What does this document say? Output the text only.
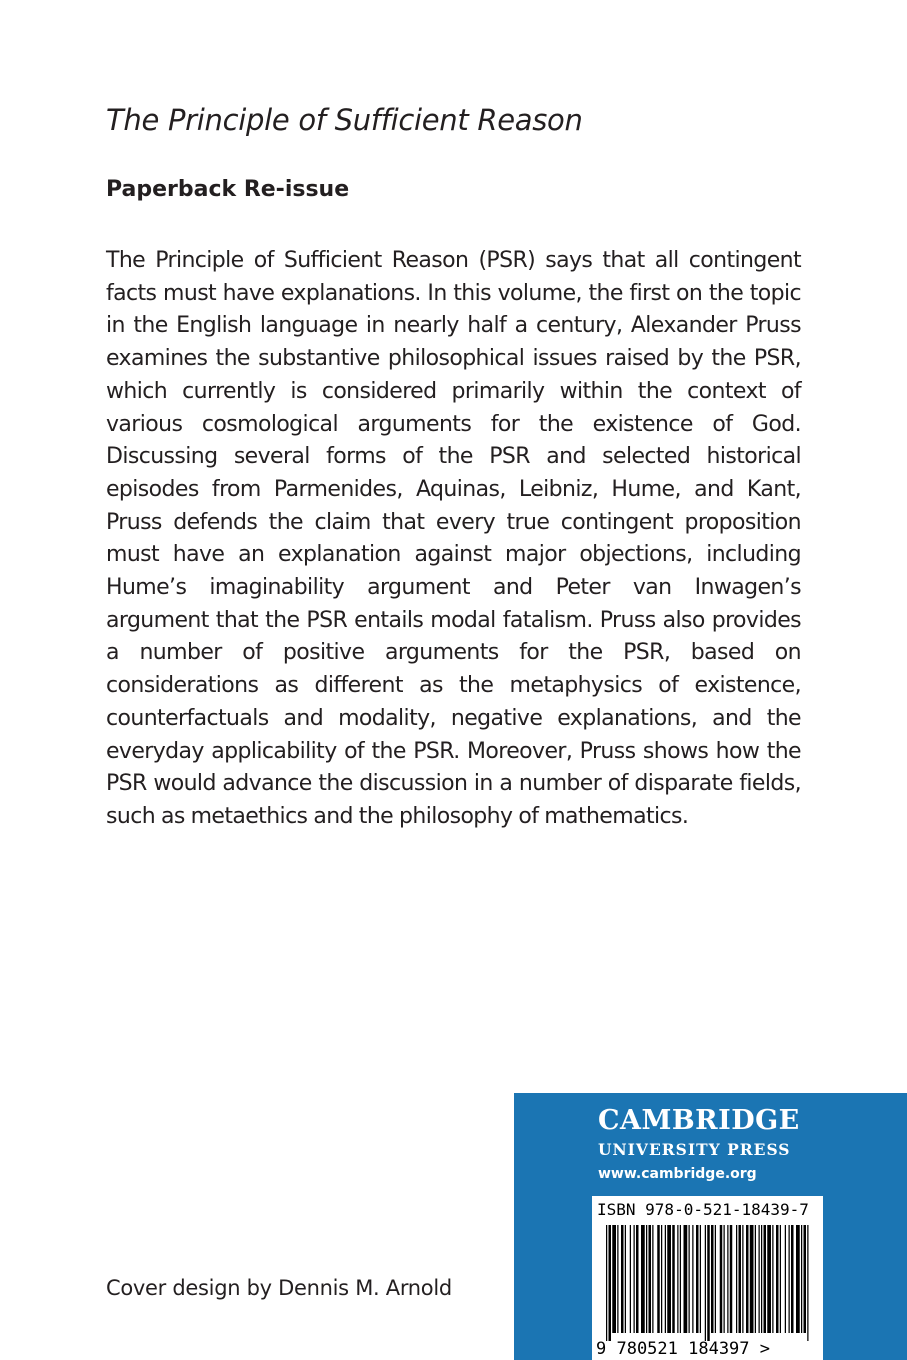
The Principle of Sufficient Reason
Paperback Re-issue

The Principle of Sufficient Reason (PSR) says that all contingent facts must have explanations. In this volume, the first on the topic in the English language in nearly half a century, Alexander Pruss examines the substantive philosophical issues raised by the PSR, which currently is considered primarily within the context of various cosmological arguments for the existence of God. Discussing several forms of the PSR and selected historical episodes from Parmenides, Aquinas, Leibniz, Hume, and Kant, Pruss defends the claim that every true contingent proposition must have an explanation against major objections, including Hume’s imaginability argument and Peter van Inwagen’s argument that the PSR entails modal fatalism. Pruss also provides a number of positive arguments for the PSR, based on considerations as different as the metaphysics of existence, counterfactuals and modality, negative explanations, and the everyday applicability of the PSR. Moreover, Pruss shows how the PSR would advance the discussion in a number of disparate fields, such as metaethics and the philosophy of mathematics.

Cover design by Dennis M. Arnold

CAMBRIDGE

UNIVERSITY PRESS

www.cambridge.org

ISBN 978-0-521-18439-7

9 780521 184397 >
